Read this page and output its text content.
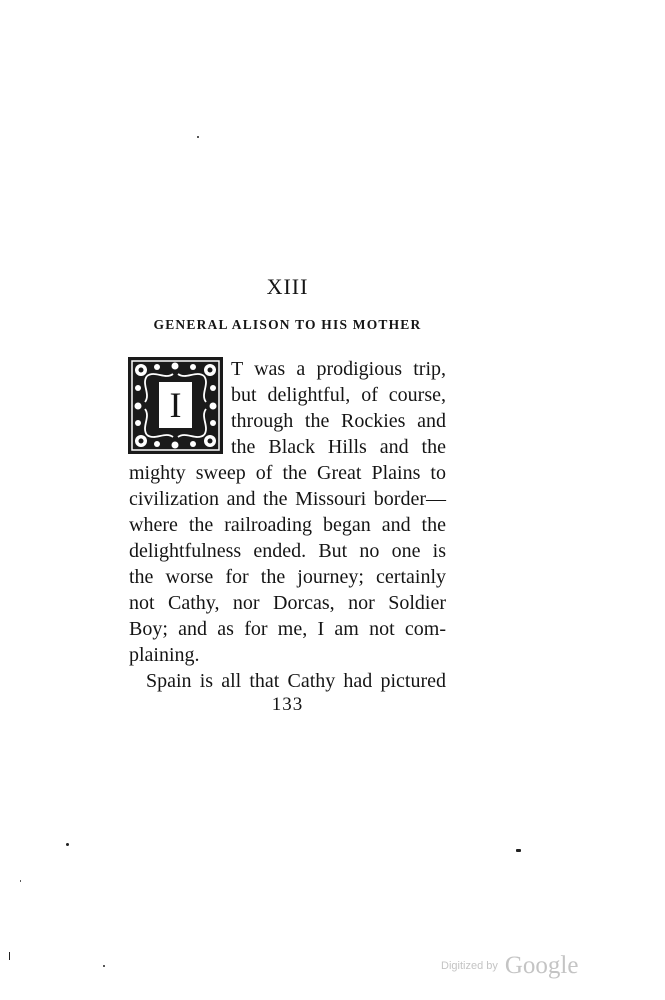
XIII
GENERAL ALISON TO HIS MOTHER
I
T was a prodigious trip,
but delightful, of course,
through the Rockies and
the Black Hills and the
mighty sweep of the Great Plains to
civilization and the Missouri border—
where the railroading began and the
delightfulness ended. But no one is
the worse for the journey; certainly
not Cathy, nor Dorcas, nor Soldier
Boy; and as for me, I am not com-
plaining.
Spain is all that Cathy had pictured
133
$^{Digitized by}$ Google
